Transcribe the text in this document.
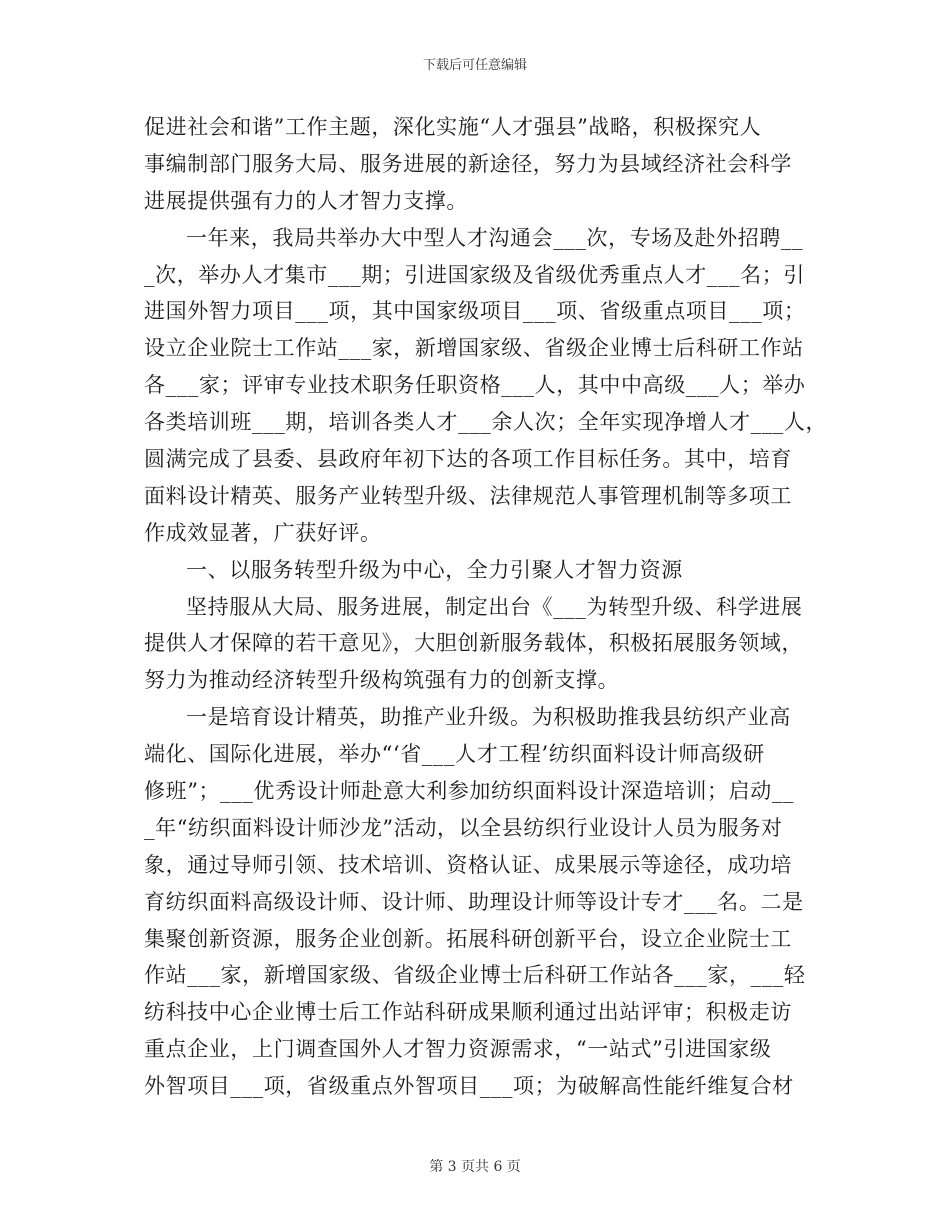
下载后可任意编辑
促进社会和谐”工作主题，深化实施“人才强县”战略，积极探究人
事编制部门服务大局、服务进展的新途径，努力为县域经济社会科学
进展提供强有力的人才智力支撑。
一年来，我局共举办大中型人才沟通会___次，专场及赴外招聘__
_次，举办人才集市___期；引进国家级及省级优秀重点人才___名；引
进国外智力项目___项，其中国家级项目___项、省级重点项目___项；
设立企业院士工作站___家，新增国家级、省级企业博士后科研工作站
各___家；评审专业技术职务任职资格___人，其中中高级___人；举办
各类培训班___期，培训各类人才___余人次；全年实现净增人才___人，
圆满完成了县委、县政府年初下达的各项工作目标任务。其中，培育
面料设计精英、服务产业转型升级、法律规范人事管理机制等多项工
作成效显著，广获好评。
一、以服务转型升级为中心，全力引聚人才智力资源
坚持服从大局、服务进展，制定出台《___为转型升级、科学进展
提供人才保障的若干意见》，大胆创新服务载体，积极拓展服务领域，
努力为推动经济转型升级构筑强有力的创新支撑。
一是培育设计精英，助推产业升级。为积极助推我县纺织产业高
端化、国际化进展，举办“‘省___人才工程’纺织面料设计师高级研
修班”；___优秀设计师赴意大利参加纺织面料设计深造培训；启动__
_年“纺织面料设计师沙龙”活动，以全县纺织行业设计人员为服务对
象，通过导师引领、技术培训、资格认证、成果展示等途径，成功培
育纺织面料高级设计师、设计师、助理设计师等设计专才___名。二是
集聚创新资源，服务企业创新。拓展科研创新平台，设立企业院士工
作站___家，新增国家级、省级企业博士后科研工作站各___家，___轻
纺科技中心企业博士后工作站科研成果顺利通过出站评审；积极走访
重点企业，上门调查国外人才智力资源需求，“一站式”引进国家级
外智项目___项，省级重点外智项目___项；为破解高性能纤维复合材
第 3 页共 6 页
